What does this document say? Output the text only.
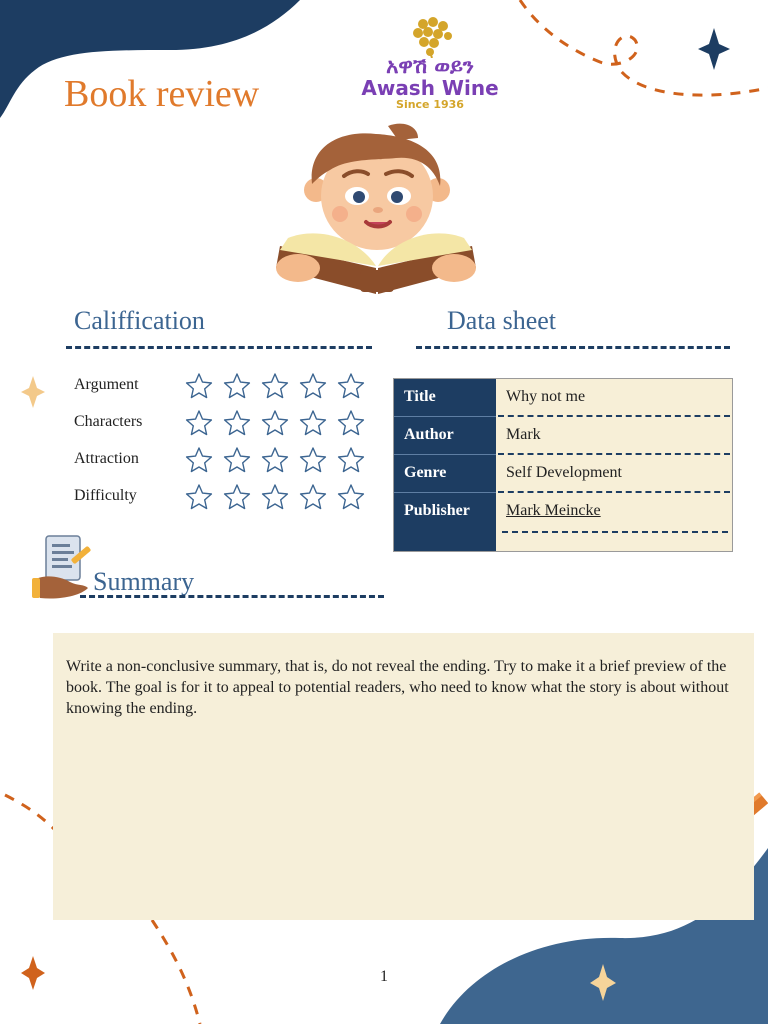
Book review
አዋሽ ወይን
Awash Wine
Since 1936
Califfication
Argument
Characters
Attraction
Difficulty
Data sheet
Title	Why not me
Author	Mark
Genre	Self Development
Publisher Mark Meincke
Summary
Write a non-conclusive summary, that is, do not reveal the ending. Try to make it a brief preview of the book. The goal is for it to appeal to potential readers, who need to know what the story is about without knowing the ending.
1
